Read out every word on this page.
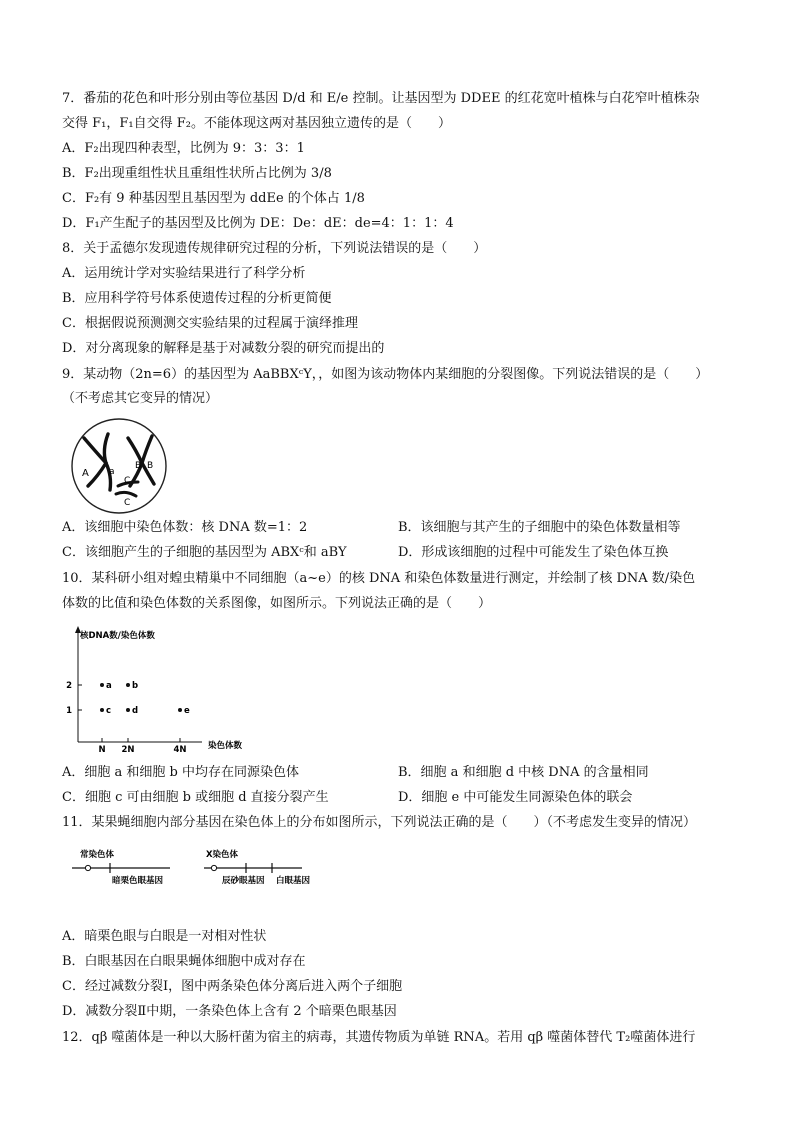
7．番茄的花色和叶形分别由等位基因 D/d 和 E/e 控制。让基因型为 DDEE 的红花宽叶植株与白花窄叶植株杂
交得 F₁，F₁自交得 F₂。不能体现这两对基因独立遗传的是（　　）
A．F₂出现四种表型，比例为 9：3：3：1
B．F₂出现重组性状且重组性状所占比例为 3/8
C．F₂有 9 种基因型且基因型为 ddEe 的个体占 1/8
D．F₁产生配子的基因型及比例为 DE：De：dE：de=4：1：1：4
8．关于孟德尔发现遗传规律研究过程的分析，下列说法错误的是（　　）
A．运用统计学对实验结果进行了科学分析
B．应用科学符号体系使遗传过程的分析更简便
C．根据假说预测测交实验结果的过程属于演绎推理
D．对分离现象的解释是基于对减数分裂的研究而提出的
9．某动物（2n=6）的基因型为 AaBBXᶜY，，如图为该动物体内某细胞的分裂图像。下列说法错误的是（　　）
（不考虑其它变异的情况）
A a
B B
C
C
A．该细胞中染色体数：核 DNA 数=1：2	B．该细胞与其产生的子细胞中的染色体数量相等
C．该细胞产生的子细胞的基因型为 ABXᶜ和 aBY	D．形成该细胞的过程中可能发生了染色体互换
10．某科研小组对蝗虫精巢中不同细胞（a~e）的核 DNA 和染色体数量进行测定，并绘制了核 DNA 数/染色
体数的比值和染色体数的关系图像，如图所示。下列说法正确的是（　　）
核DNA数/染色体数
染色体数
N 2N	4N
1
2	a b
c d	e
A．细胞 a 和细胞 b 中均存在同源染色体	B．细胞 a 和细胞 d 中核 DNA 的含量相同
C．细胞 c 可由细胞 b 或细胞 d 直接分裂产生	D．细胞 e 中可能发生同源染色体的联会
11．某果蝇细胞内部分基因在染色体上的分布如图所示，下列说法正确的是（　　）（不考虑发生变异的情况）
常染色体
暗栗色眼基因
X染色体
辰砂眼基因 白眼基因
A．暗栗色眼与白眼是一对相对性状
B．白眼基因在白眼果蝇体细胞中成对存在
C．经过减数分裂Ⅰ，图中两条染色体分离后进入两个子细胞
D．减数分裂Ⅱ中期，一条染色体上含有 2 个暗栗色眼基因
12．qβ 噬菌体是一种以大肠杆菌为宿主的病毒，其遗传物质为单链 RNA。若用 qβ 噬菌体替代 T₂噬菌体进行
